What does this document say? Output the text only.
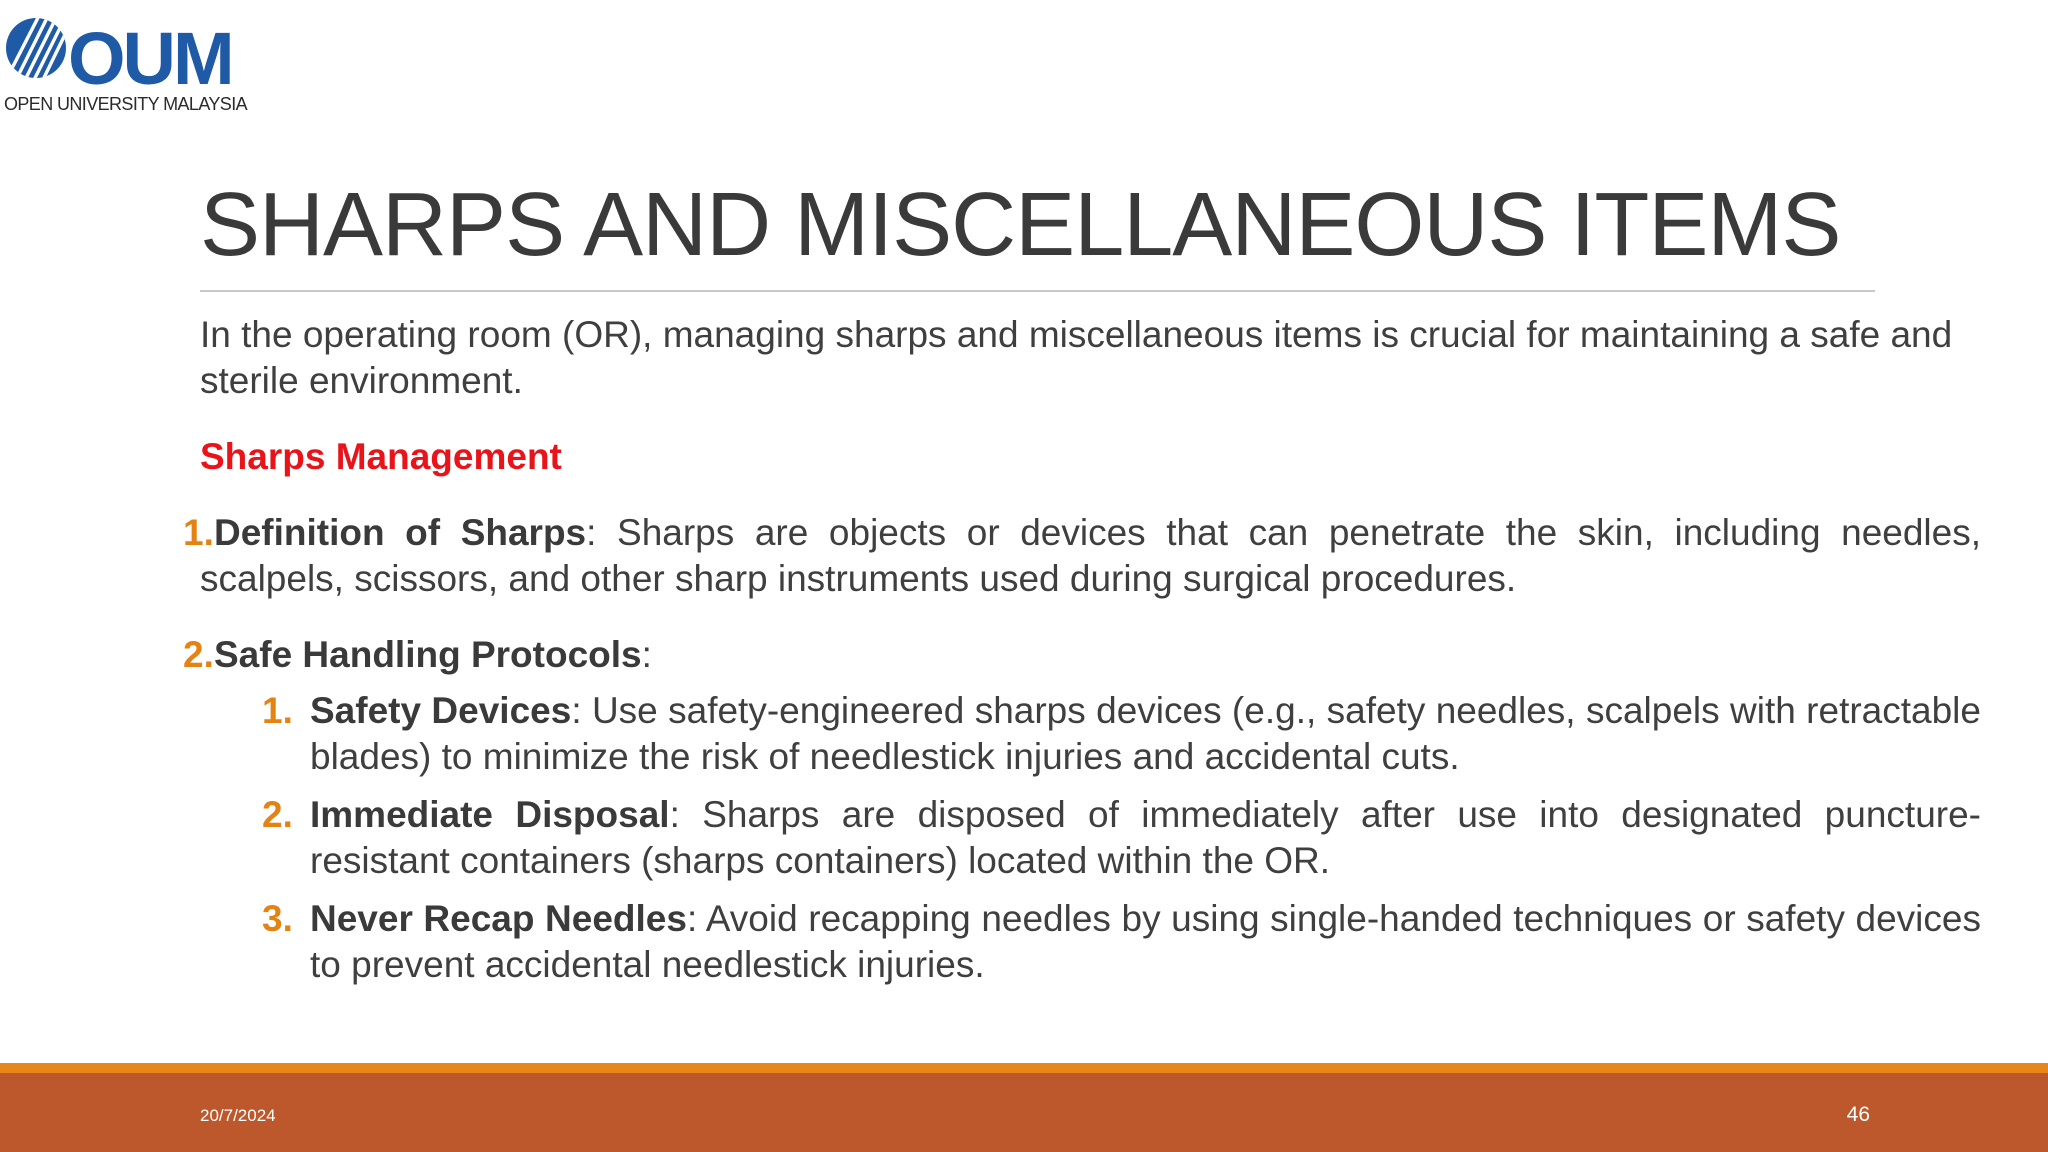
OUM
OPEN UNIVERSITY MALAYSIA
SHARPS AND MISCELLANEOUS ITEMS

In the operating room (OR), managing sharps and miscellaneous items is crucial for maintaining a safe and sterile environment.

Sharps Management

1. Definition of Sharps: Sharps are objects or devices that can penetrate the skin, including needles, scalpels, scissors, and other sharp instruments used during surgical procedures.
2. Safe Handling Protocols:
1. Safety Devices: Use safety-engineered sharps devices (e.g., safety needles, scalpels with retractable blades) to minimize the risk of needlestick injuries and accidental cuts.
2. Immediate Disposal: Sharps are disposed of immediately after use into designated puncture-resistant containers (sharps containers) located within the OR.
3. Never Recap Needles: Avoid recapping needles by using single-handed techniques or safety devices to prevent accidental needlestick injuries.
20/7/2024	46
